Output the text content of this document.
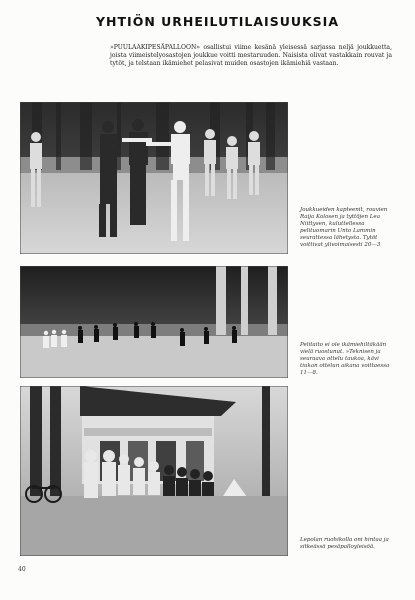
YHTIÖN URHEILUTILAISUUKSIA
»PUULAAKIPESÄPALLOON» osallistui viime kesänä yleisessä sarjassa neljä joukkuetta, joista viimeistelyosastojen joukkue voitti mestaruuden. Naisista olivat vastakkain rouvat ja tytöt, ja telstaan ikämiehet pelasivat muiden osastojen ikämiehiä vastaan.
Joukkueiden kapteenit, rouvien Raija Kolosen ja tyttöjen Lea Niittysen, kuluttellessa pelituomarin Unto Lammin seurattessa lähetysta. Tytöt voittivat ylivoimaisesti 20—3
Pelitaito ei ole ikämiehiltäkään vielä ruostunut. »Teknisen ja seuraava ottelu taukoa, kävi tiukan ottelun aikana voittaessa 11—8.
Lepolan ruohikolla oni hintaa ja sitkeässä pesäpalloyleisöä.
40
